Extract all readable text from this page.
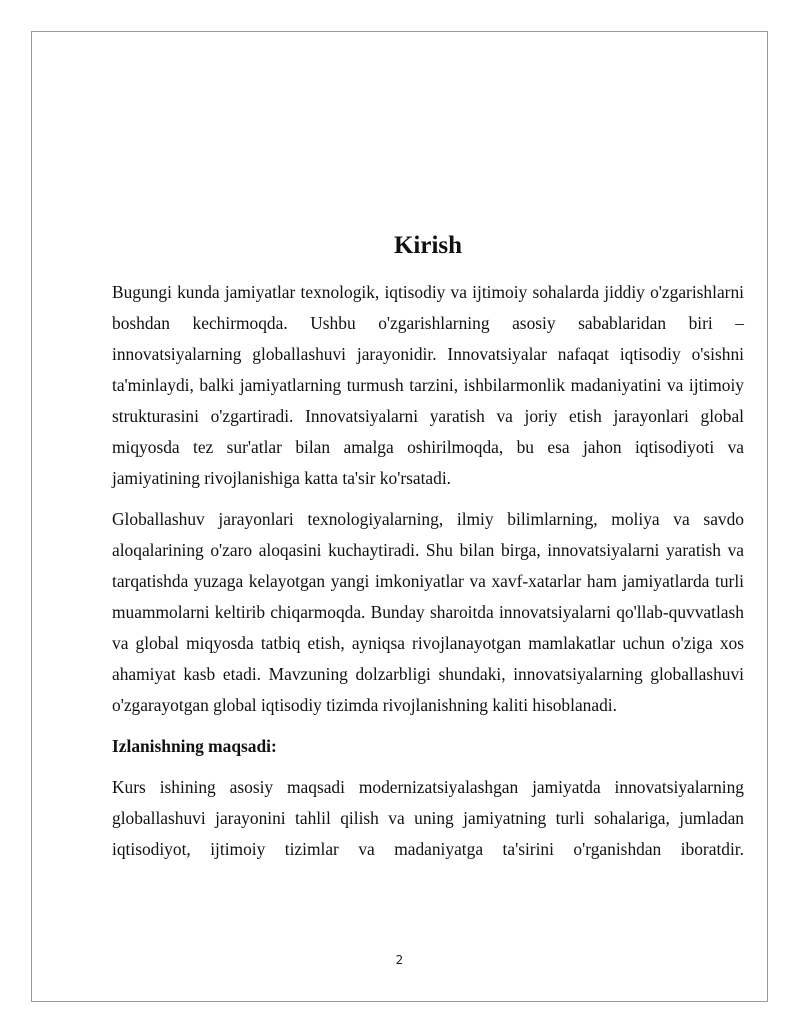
Kirish

Bugungi kunda jamiyatlar texnologik, iqtisodiy va ijtimoiy sohalarda jiddiy o'zgarishlarni boshdan kechirmoqda. Ushbu o'zgarishlarning asosiy sabablaridan biri – innovatsiyalarning globallashuvi jarayonidir. Innovatsiyalar nafaqat iqtisodiy o'sishni ta'minlaydi, balki jamiyatlarning turmush tarzini, ishbilarmonlik madaniyatini va ijtimoiy strukturasini o'zgartiradi. Innovatsiyalarni yaratish va joriy etish jarayonlari global miqyosda tez sur'atlar bilan amalga oshirilmoqda, bu esa jahon iqtisodiyoti va jamiyatining rivojlanishiga katta ta'sir ko'rsatadi.

Globallashuv jarayonlari texnologiyalarning, ilmiy bilimlarning, moliya va savdo aloqalarining o'zaro aloqasini kuchaytiradi. Shu bilan birga, innovatsiyalarni yaratish va tarqatishda yuzaga kelayotgan yangi imkoniyatlar va xavf-xatarlar ham jamiyatlarda turli muammolarni keltirib chiqarmoqda. Bunday sharoitda innovatsiyalarni qo'llab-quvvatlash va global miqyosda tatbiq etish, ayniqsa rivojlanayotgan mamlakatlar uchun o'ziga xos ahamiyat kasb etadi. Mavzuning dolzarbligi shundaki, innovatsiyalarning globallashuvi o'zgarayotgan global iqtisodiy tizimda rivojlanishning kaliti hisoblanadi.

Izlanishning maqsadi:

Kurs ishining asosiy maqsadi modernizatsiyalashgan jamiyatda innovatsiyalarning globallashuvi jarayonini tahlil qilish va uning jamiyatning turli sohalariga, jumladan iqtisodiyot, ijtimoiy tizimlar va madaniyatga ta'sirini o'rganishdan iboratdir.

2
